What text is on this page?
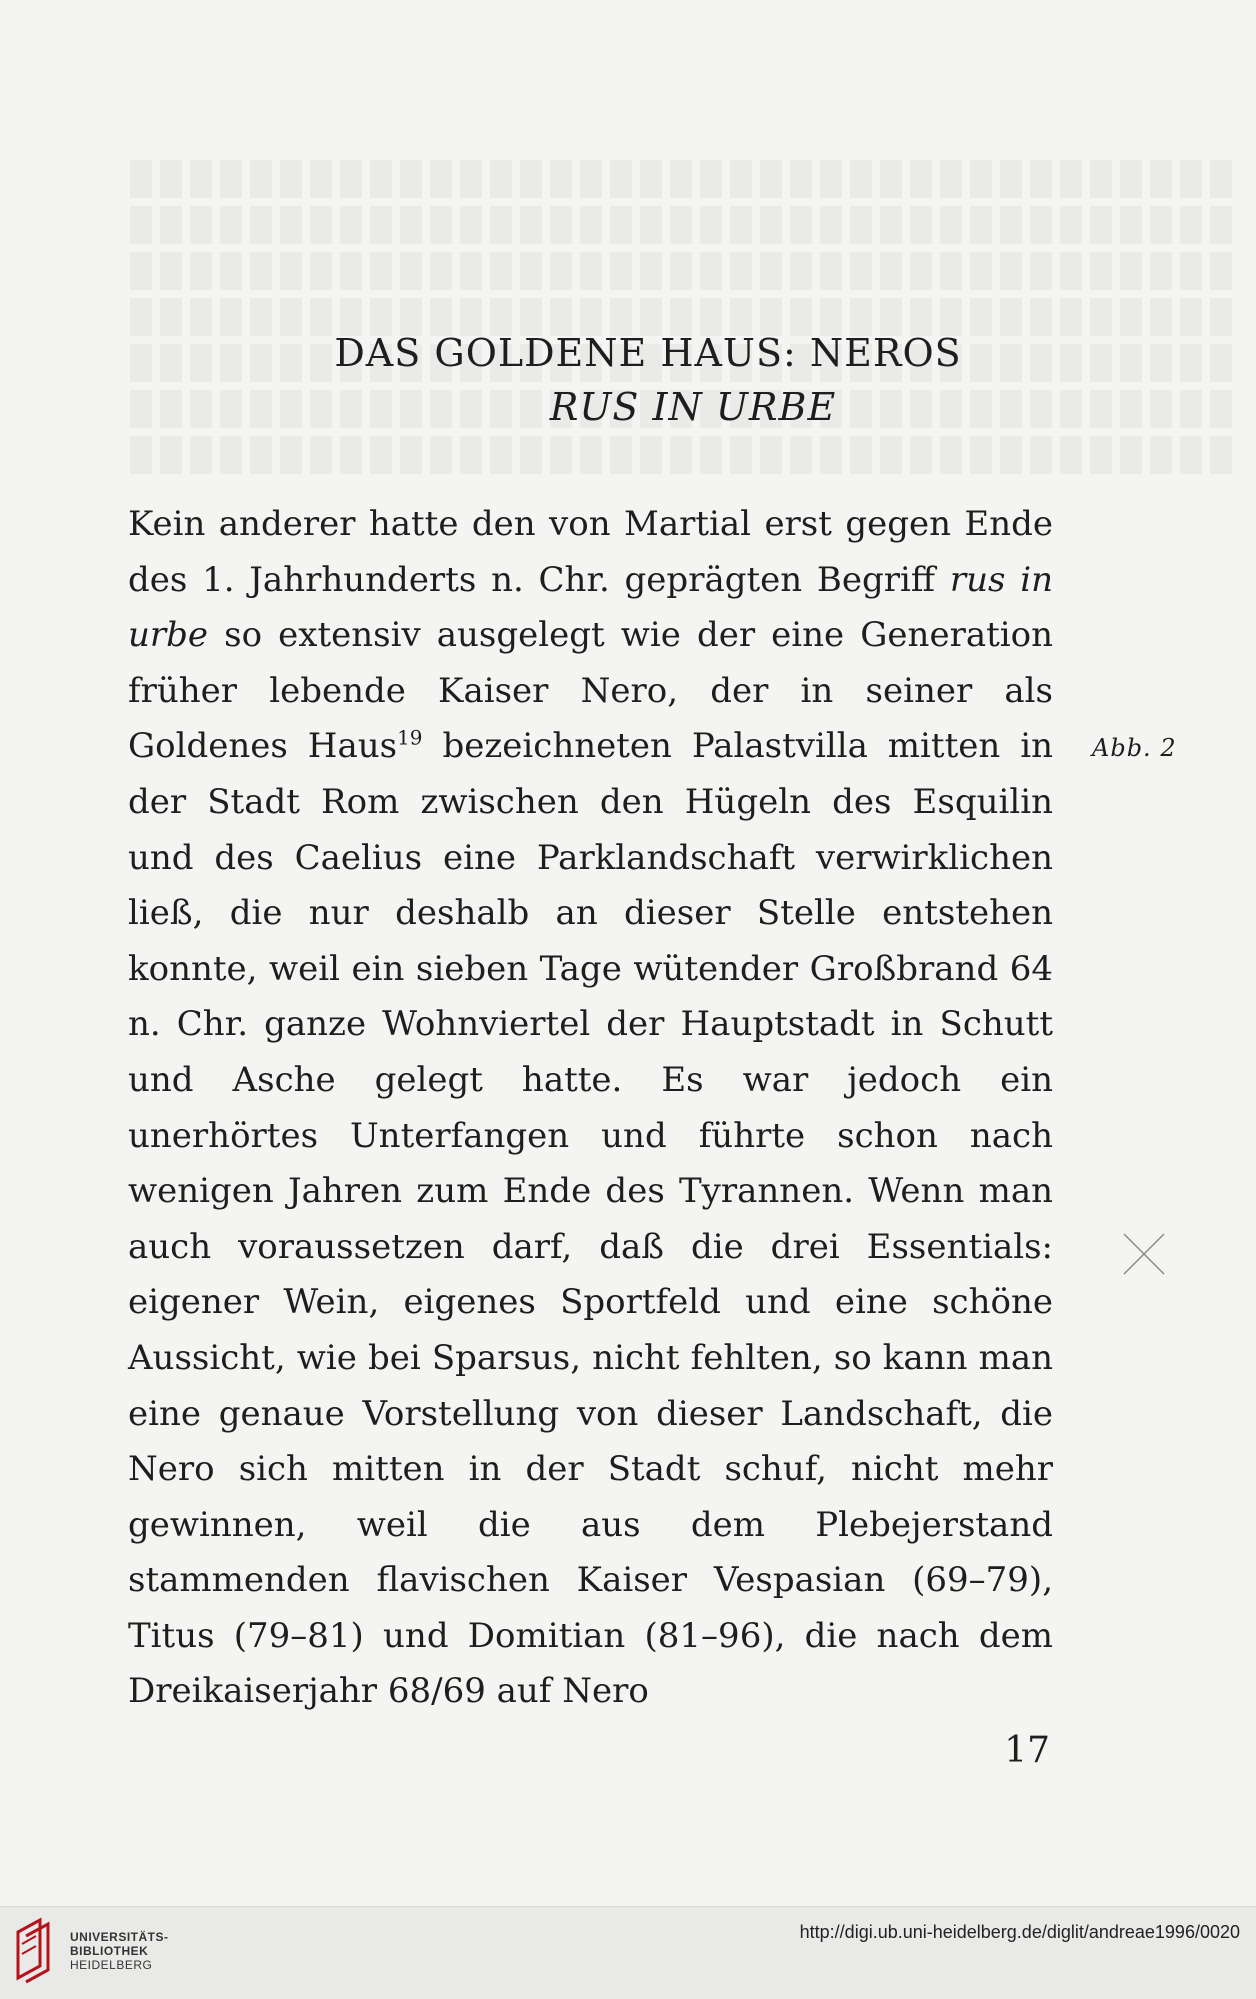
DAS GOLDENE HAUS: NEROS
RUS IN URBE

Kein anderer hatte den von Martial erst gegen Ende des 1. Jahrhunderts n. Chr. geprägten Begriff rus in urbe so extensiv ausgelegt wie der eine Generation früher lebende Kaiser Nero, der in seiner als Goldenes Haus$^{19}$ bezeichneten Palastvilla mitten in der Stadt Rom zwischen den Hügeln des Esquilin und des Caelius eine Parklandschaft verwirklichen ließ, die nur deshalb an dieser Stelle entstehen konnte, weil ein sieben Tage wütender Großbrand 64 n. Chr. ganze Wohnviertel der Hauptstadt in Schutt und Asche gelegt hatte. Es war jedoch ein unerhörtes Unterfangen und führte schon nach wenigen Jahren zum Ende des Tyrannen. Wenn man auch voraussetzen darf, daß die drei Essentials: eigener Wein, eigenes Sportfeld und eine schöne Aussicht, wie bei Sparsus, nicht fehlten, so kann man eine genaue Vorstellung von dieser Landschaft, die Nero sich mitten in der Stadt schuf, nicht mehr gewinnen, weil die aus dem Plebejerstand stammenden flavischen Kaiser Vespasian (69–79), Titus (79–81) und Domitian (81–96), die nach dem Dreikaiserjahr 68/69 auf Nero

Abb. 2
17
UNIVERSITÄTS-
BIBLIOTHEK
HEIDELBERG
http://digi.ub.uni-heidelberg.de/diglit/andreae1996/0020
